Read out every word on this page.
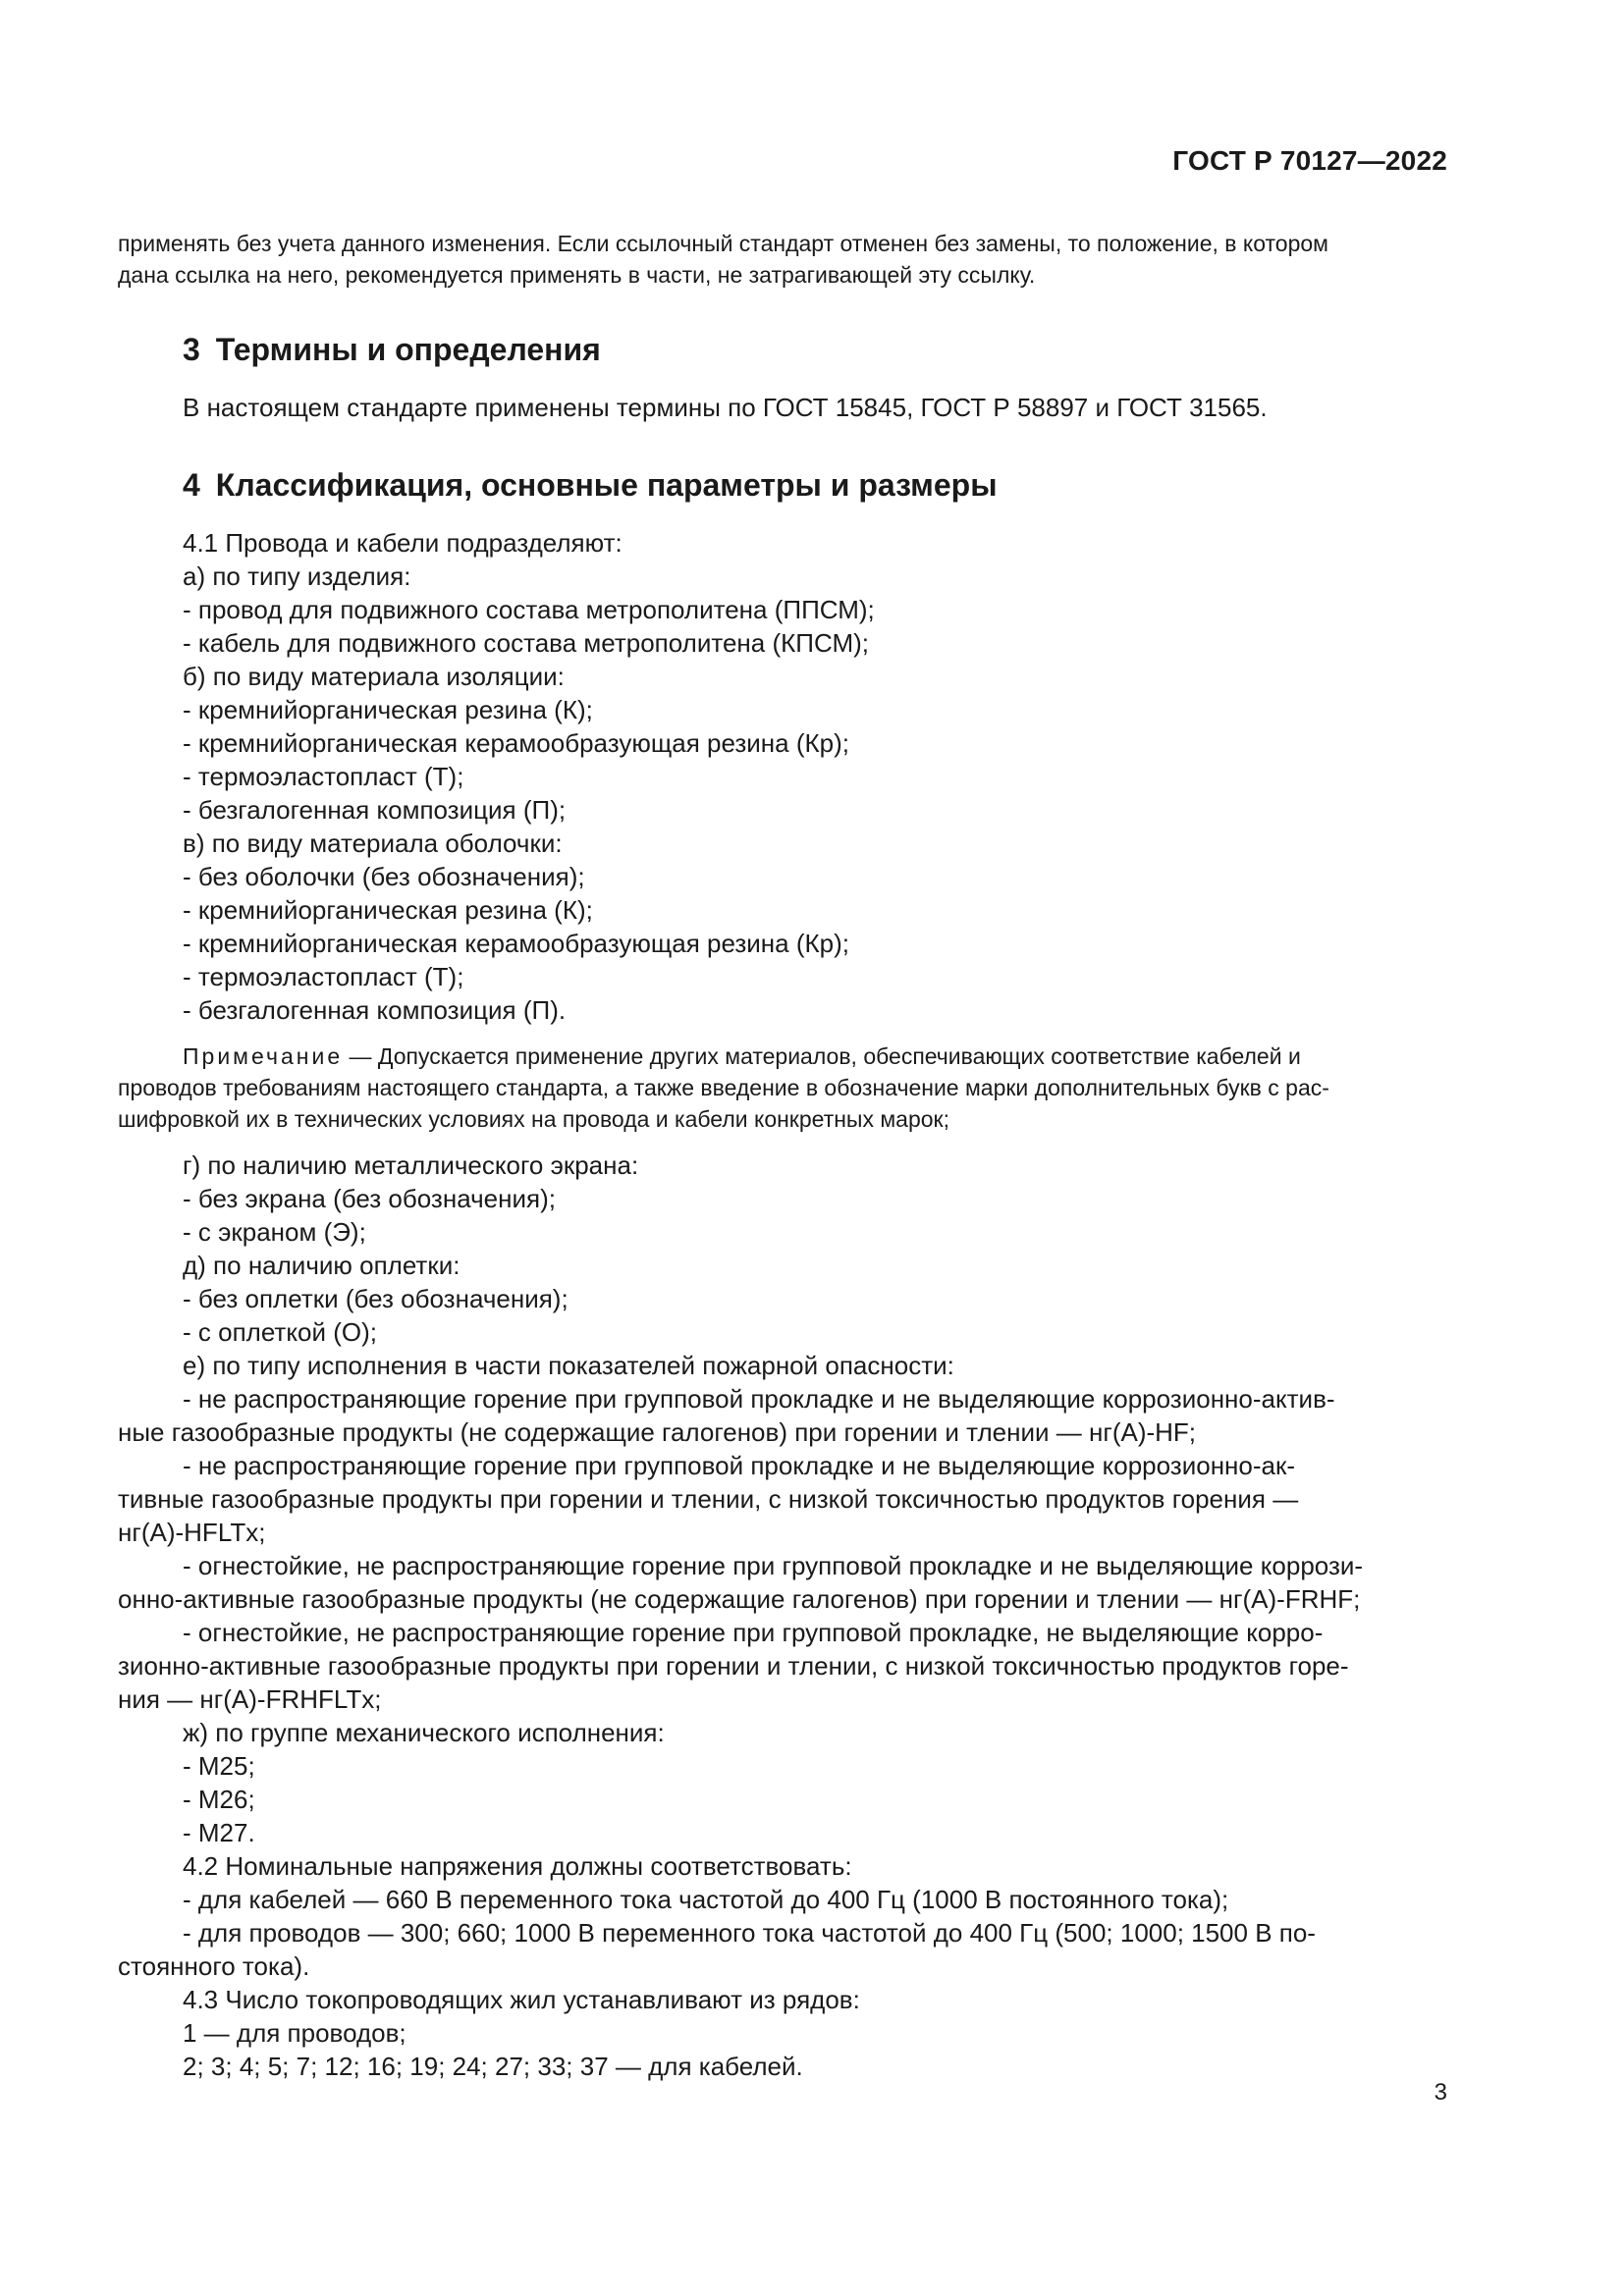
ГОСТ Р 70127—2022
применять без учета данного изменения. Если ссылочный стандарт отменен без замены, то положение, в котором
дана ссылка на него, рекомендуется применять в части, не затрагивающей эту ссылку.
3 Термины и определения
В настоящем стандарте применены термины по ГОСТ 15845, ГОСТ Р 58897 и ГОСТ 31565.
4 Классификация, основные параметры и размеры
4.1 Провода и кабели подразделяют:
а) по типу изделия:
- провод для подвижного состава метрополитена (ППСМ);
- кабель для подвижного состава метрополитена (КПСМ);
б) по виду материала изоляции:
- кремнийорганическая резина (К);
- кремнийорганическая керамообразующая резина (Кр);
- термоэластоплаcт (Т);
- безгалогенная композиция (П);
в) по виду материала оболочки:
- без оболочки (без обозначения);
- кремнийорганическая резина (К);
- кремнийорганическая керамообразующая резина (Кр);
- термоэластопласт (Т);
- безгалогенная композиция (П).
Примечание — Допускается применение других материалов, обеспечивающих соответствие кабелей и
проводов требованиям настоящего стандарта, а также введение в обозначение марки дополнительных букв с рас-
шифровкой их в технических условиях на провода и кабели конкретных марок;
г) по наличию металлического экрана:
- без экрана (без обозначения);
- с экраном (Э);
д) по наличию оплетки:
- без оплетки (без обозначения);
- с оплеткой (О);
е) по типу исполнения в части показателей пожарной опасности:
- не распространяющие горение при групповой прокладке и не выделяющие коррозионно-актив-
ные газообразные продукты (не содержащие галогенов) при горении и тлении — нг(А)-HF;
- не распространяющие горение при групповой прокладке и не выделяющие коррозионно-ак-
тивные газообразные продукты при горении и тлении, с низкой токсичностью продуктов горения —
нг(А)-HFLTx;
- огнестойкие, не распространяющие горение при групповой прокладке и не выделяющие коррози-
онно-активные газообразные продукты (не содержащие галогенов) при горении и тлении — нг(А)-FRHF;
- огнестойкие, не распространяющие горение при групповой прокладке, не выделяющие корро-
зионно-активные газообразные продукты при горении и тлении, с низкой токсичностью продуктов горе-
ния — нг(А)-FRHFLTx;
ж) по группе механического исполнения:
- М25;
- М26;
- М27.
4.2 Номинальные напряжения должны соответствовать:
- для кабелей — 660 В переменного тока частотой до 400 Гц (1000 В постоянного тока);
- для проводов — 300; 660; 1000 В переменного тока частотой до 400 Гц (500; 1000; 1500 В по-
стоянного тока).
4.3 Число токопроводящих жил устанавливают из рядов:
1 — для проводов;
2; 3; 4; 5; 7; 12; 16; 19; 24; 27; 33; 37 — для кабелей.
3
